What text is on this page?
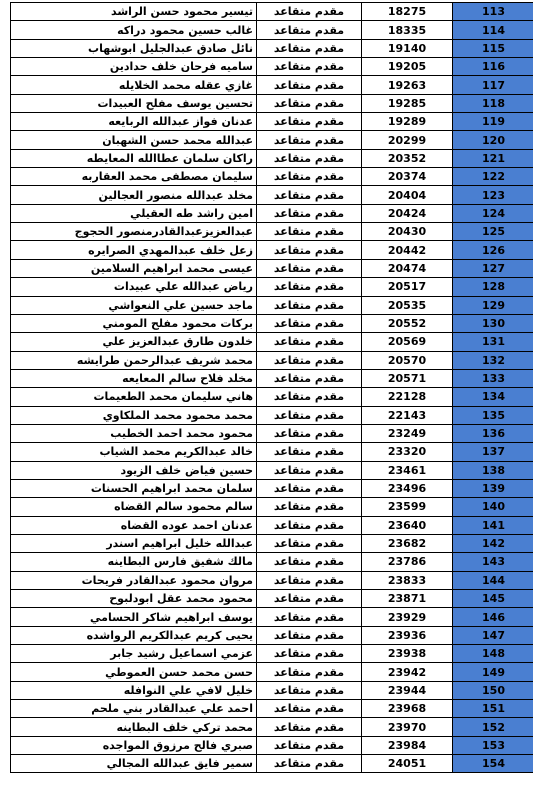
تيسير محمود حسن الراشد	مقدم متقاعد	18275	113
غالب حسين محمود دراكه	مقدم متقاعد	18335	114
نائل صادق عبدالجليل ابوشهاب	مقدم متقاعد	19140	115
ساميه فرحان خلف حدادين	مقدم متقاعد	19205	116
غازي عقله محمد الخلايله	مقدم متقاعد	19263	117
تحسين يوسف مفلح العبيدات	مقدم متقاعد	19285	118
عدنان فواز عبدالله الربايعه	مقدم متقاعد	19289	119
عبدالله محمد حسن الشهبان	مقدم متقاعد	20299	120
راكان سلمان عطاالله المعايطه	مقدم متقاعد	20352	121
سليمان مصطفى محمد العقاربه	مقدم متقاعد	20374	122
مخلد عبدالله منصور العجالين	مقدم متقاعد	20404	123
امين راشد طه العقيلي	مقدم متقاعد	20424	124
عبدالعزيزعبدالقادرمنصور الحجوج	مقدم متقاعد	20430	125
زعل خلف عبدالمهدي الصرايره	مقدم متقاعد	20442	126
عيسى محمد ابراهيم السلامين	مقدم متقاعد	20474	127
رياض عبدالله علي عبيدات	مقدم متقاعد	20517	128
ماجد حسين علي النعواشي	مقدم متقاعد	20535	129
بركات محمود مفلح المومني	مقدم متقاعد	20552	130
خلدون طارق عبدالعزيز علي	مقدم متقاعد	20569	131
محمد شريف عبدالرحمن طرايشه	مقدم متقاعد	20570	132
مخلد فلاح سالم المعايعه	مقدم متقاعد	20571	133
هاني سليمان محمد الطعيمات	مقدم متقاعد	22128	134
محمد محمود محمد الملكاوي	مقدم متقاعد	22143	135
محمود محمد احمد الخطيب	مقدم متقاعد	23249	136
خالد عبدالكريم محمد الشياب	مقدم متقاعد	23320	137
حسين فياض خلف الزيود	مقدم متقاعد	23461	138
سلمان محمد ابراهيم الحسنات	مقدم متقاعد	23496	139
سالم محمود سالم القضاه	مقدم متقاعد	23599	140
عدنان احمد عوده القضاه	مقدم متقاعد	23640	141
عبدالله خليل ابراهيم اسندر	مقدم متقاعد	23682	142
مالك شفيق فارس البطاينه	مقدم متقاعد	23786	143
مروان محمود عبدالقادر فريحات	مقدم متقاعد	23833	144
محمود محمد عقل ابودلبوح	مقدم متقاعد	23871	145
يوسف ابراهيم شاكر الحسامي	مقدم متقاعد	23929	146
يحيى كريم عبدالكريم الرواشده	مقدم متقاعد	23936	147
عزمي اسماعيل رشيد جابر	مقدم متقاعد	23938	148
حسن محمد حسن العموطي	مقدم متقاعد	23942	149
خليل لافي علي النوافله	مقدم متقاعد	23944	150
احمد علي عبدالقادر بني ملحم	مقدم متقاعد	23968	151
محمد تركي خلف البطاينه	مقدم متقاعد	23970	152
صبري فالح مرزوق المواجده	مقدم متقاعد	23984	153
سمير فايق عبدالله المجالي	مقدم متقاعد	24051	154
